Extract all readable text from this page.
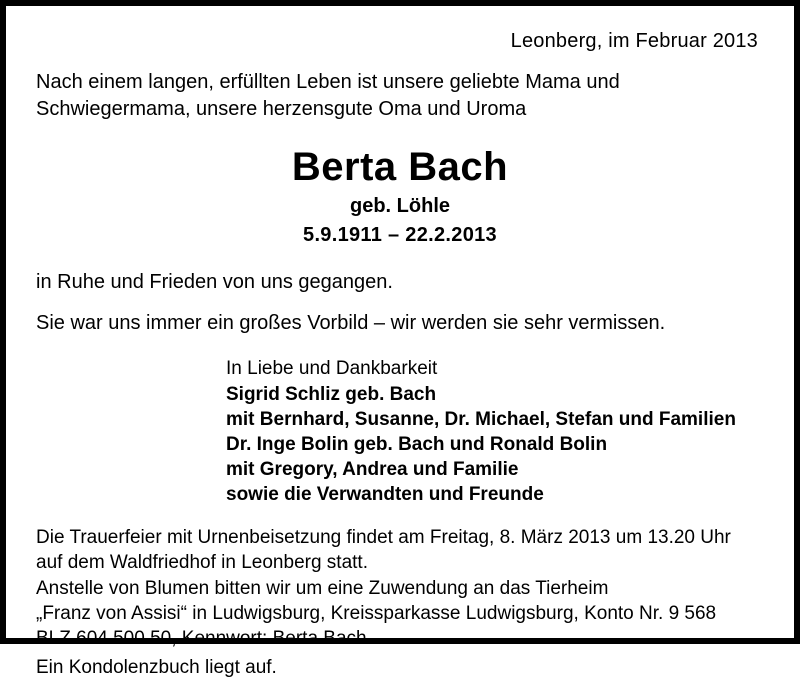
Leonberg, im Februar 2013
Nach einem langen, erfüllten Leben ist unsere geliebte Mama und Schwiegermama, unsere herzensgute Oma und Uroma
Berta Bach
geb. Löhle
5.9.1911 – 22.2.2013
in Ruhe und Frieden von uns gegangen.
Sie war uns immer ein großes Vorbild – wir werden sie sehr vermissen.
In Liebe und Dankbarkeit
Sigrid Schliz geb. Bach
mit Bernhard, Susanne, Dr. Michael, Stefan und Familien
Dr. Inge Bolin geb. Bach und Ronald Bolin
mit Gregory, Andrea und Familie
sowie die Verwandten und Freunde

Die Trauerfeier mit Urnenbeisetzung findet am Freitag, 8. März 2013 um 13.20 Uhr

auf dem Waldfriedhof in Leonberg statt.

Anstelle von Blumen bitten wir um eine Zuwendung an das Tierheim

„Franz von Assisi“ in Ludwigsburg, Kreissparkasse Ludwigsburg, Konto Nr. 9 568

BLZ 604 500 50, Kennwort: Berta Bach.

Ein Kondolenzbuch liegt auf.
